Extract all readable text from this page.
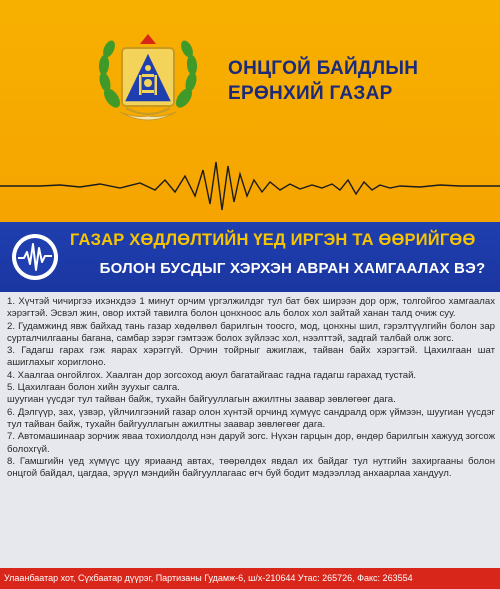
ОНЦГОЙ БАЙДЛЫН
ЕРӨНХИЙ ГАЗАР
ГАЗАР ХӨДЛӨЛТИЙН ҮЕД ИРГЭН ТА ӨӨРИЙГӨӨ
БОЛОН БУСДЫГ ХЭРХЭН АВРАН ХАМГААЛАХ ВЭ?

1. Хүчтэй чичиргээ ихэнхдээ 1 минут орчим үргэлжилдэг тул бат бөх ширээн дор орж, толгойгоо хамгаалах хэрэгтэй. Эсвэл жин, овор ихтэй тавилга болон цонхноос аль болох хол зайтай ханан талд очиж суу.

2. Гудамжинд явж байхад тань газар хөдөлвөл барилгын тоосго, мод, цонхны шил, гэрэлтүүлгийн болон зар сурталчилгааны багана, самбар зэрэг гэмтээж болох зүйлээс хол, нээлттэй, задгай талбай олж зогс.

3. Гадагш гарах гэж яарах хэрэггүй. Орчин тойрныг ажиглаж, тайван байх хэрэгтэй. Цахилгаан шат ашиглахыг хориглоно.

4. Хаалгаа онгойлгох. Хаалган дор зогсоход аюул багатайгаас гадна гадагш гарахад тустай.

5. Цахилгаан болон хийн зуухыг салга.

шуугиан үүсдэг тул тайван байж, тухайн байгууллагын ажилтны заавар зөвлөгөөг дага.

6. Дэлгүүр, зах, үзвэр, үйлчилгээний газар олон хүнтэй орчинд хүмүүс сандралд орж үймээн, шуугиан үүсдэг тул тайван байж, тухайн байгууллагын ажилтны заавар зөвлөгөөг дага.

7. Автомашинаар зорчиж яваа тохиолдолд нэн даруй зогс. Нүхэн гарцын дор, өндөр барилгын хажууд зогсож болохгүй.

8. Гамшгийн үед хүмүүс цуу яриаанд автах, төөрөлдөх явдал их байдаг тул нутгийн захиргааны болон онцгой байдал, цагдаа, эрүүл мэндийн байгууллагаас өгч буй бодит мэдээллэд анхаарлаа хандуул.

Улаанбаатар хот, Сүхбаатар дүүрэг, Партизаны Гудамж-6, ш/х-210644 Утас: 265726, Факс: 263554
